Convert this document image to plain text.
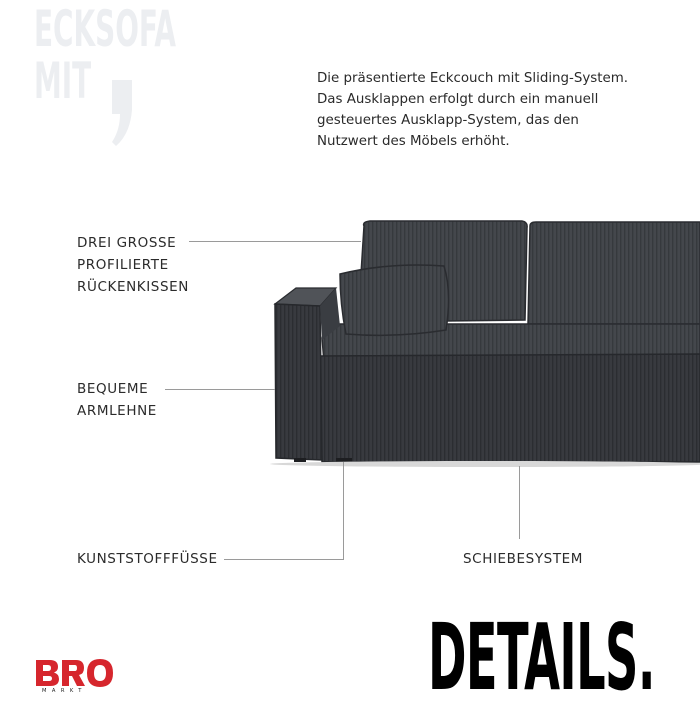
ECKSOFA
MIT	Die präsentierte Eckcouch mit Sliding-System.
Das Ausklappen erfolgt durch ein manuell
gesteuertes Ausklapp-System, das den
Nutzwert des Möbels erhöht.
DREI GROSSE
PROFILIERTE
RÜCKENKISSEN
BEQUEME
ARMLEHNE
KUNSTSTOFFFÜSSE	SCHIEBESYSTEM
MARKT	DETAILS.
